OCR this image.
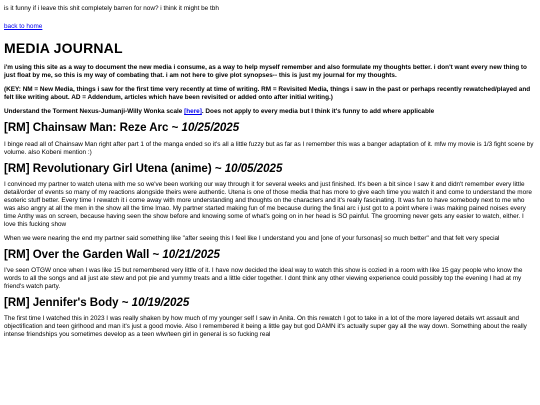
is it funny if i leave this shit completely barren for now? i think it might be tbh

back to home
MEDIA JOURNAL

i'm using this site as a way to document the new media i consume, as a way to help myself remember and also formulate my thoughts better. i don't want every new thing to just float by me, so this is my way of combating that. i am not here to give plot synopses-- this is just my journal for my thoughts.

(KEY: NM = New Media, things i saw for the first time very recently at time of writing. RM = Revisited Media, things i saw in the past or perhaps recently rewatched/played and felt like writing about. AD = Addendum, articles which have been revisited or added onto after initial writing.)

Understand the Torment Nexus-Jumanji-Willy Wonka scale [here]. Does not apply to every media but I think it's funny to add where applicable

[RM] Chainsaw Man: Reze Arc ~ 10/25/2025

I binge read all of Chainsaw Man right after part 1 of the manga ended so it's all a little fuzzy but as far as I remember this was a banger adaptation of it. mfw my movie is 1/3 fight scene by volume. also Kobeni mention :)

[RM] Revolutionary Girl Utena (anime) ~ 10/05/2025

I convinced my partner to watch utena with me so we've been working our way through it for several weeks and just finished. It's been a bit since I saw it and didn't remember every little detail/order of events so many of my reactions alongside theirs were authentic. Utena is one of those media that has more to give each time you watch it and come to understand the more esoteric stuff better. Every time I rewatch it i come away with more understanding and thoughts on the characters and it's really fascinating. It was fun to have somebody next to me who was also angry at all the men in the show all the time lmao. My partner started making fun of me because during the final arc i just got to a point where i was making pained noises every time Anthy was on screen, because having seen the show before and knowing some of what's going on in her head is SO painful. The grooming never gets any easier to watch, either. I love this fucking show

When we were nearing the end my partner said something like "after seeing this I feel like I understand you and [one of your fursonas] so much better" and that felt very special

[RM] Over the Garden Wall ~ 10/21/2025

I've seen OTGW once when I was like 15 but remembered very little of it. I have now decided the ideal way to watch this show is cozied in a room with like 15 gay people who know the words to all the songs and all just ate stew and pot pie and yummy treats and a little cider together. I dont think any other viewing experience could possibly top the evening I had at my friend's watch party.

[RM] Jennifer's Body ~ 10/19/2025

The first time I watched this in 2023 I was really shaken by how much of my younger self I saw in Anita. On this rewatch I got to take in a lot of the more layered details wrt assault and objectification and teen girlhood and man it's just a good movie. Also I remembered it being a little gay but god DAMN it's actually super gay all the way down. Something about the really intense friendships you sometimes develop as a teen wlw/teen girl in general is so fucking real
